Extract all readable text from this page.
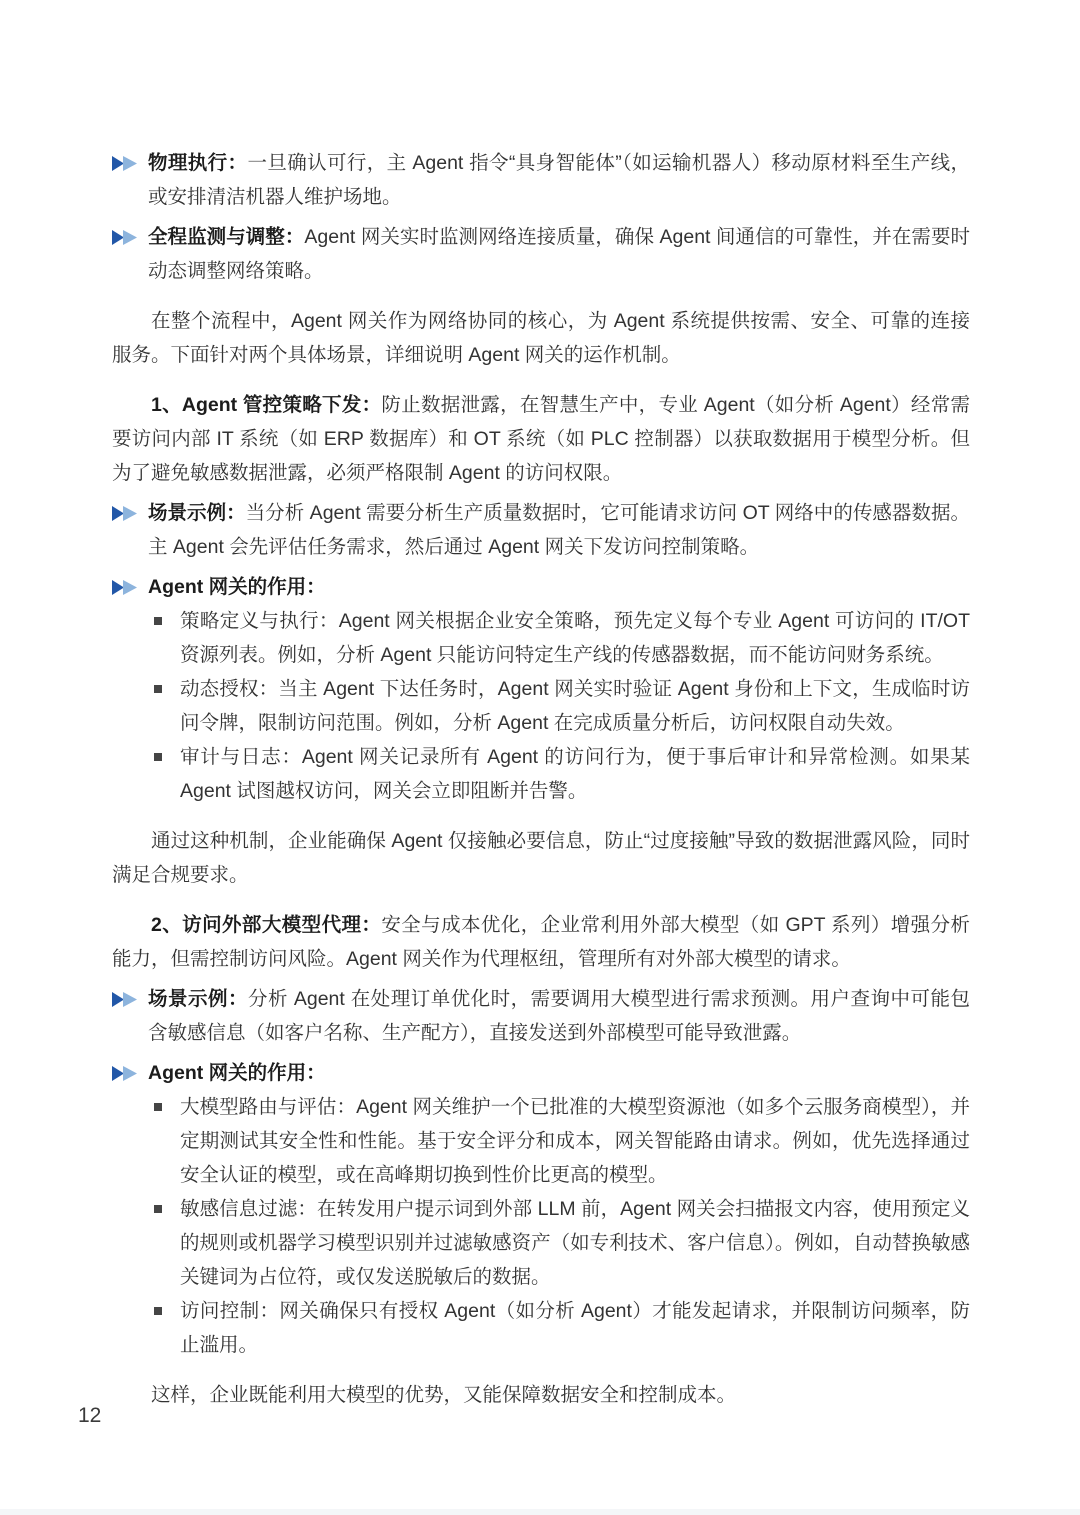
物理执行：一旦确认可行，主 Agent 指令“具身智能体”（如运输机器人）移动原材料至生产线，或安排清洁机器人维护场地。
全程监测与调整：Agent 网关实时监测网络连接质量，确保 Agent 间通信的可靠性，并在需要时动态调整网络策略。

在整个流程中，Agent 网关作为网络协同的核心，为 Agent 系统提供按需、安全、可靠的连接服务。下面针对两个具体场景，详细说明 Agent 网关的运作机制。

1、Agent 管控策略下发：防止数据泄露，在智慧生产中，专业 Agent（如分析 Agent）经常需要访问内部 IT 系统（如 ERP 数据库）和 OT 系统（如 PLC 控制器）以获取数据用于模型分析。但为了避免敏感数据泄露，必须严格限制 Agent 的访问权限。

场景示例：当分析 Agent 需要分析生产质量数据时，它可能请求访问 OT 网络中的传感器数据。主 Agent 会先评估任务需求，然后通过 Agent 网关下发访问控制策略。
Agent 网关的作用：
策略定义与执行：Agent 网关根据企业安全策略，预先定义每个专业 Agent 可访问的 IT/OT 资源列表。例如，分析 Agent 只能访问特定生产线的传感器数据，而不能访问财务系统。
动态授权：当主 Agent 下达任务时，Agent 网关实时验证 Agent 身份和上下文，生成临时访问令牌，限制访问范围。例如，分析 Agent 在完成质量分析后，访问权限自动失效。
审计与日志：Agent 网关记录所有 Agent 的访问行为，便于事后审计和异常检测。如果某 Agent 试图越权访问，网关会立即阻断并告警。

通过这种机制，企业能确保 Agent 仅接触必要信息，防止“过度接触”导致的数据泄露风险，同时满足合规要求。

2、访问外部大模型代理：安全与成本优化，企业常利用外部大模型（如 GPT 系列）增强分析能力，但需控制访问风险。Agent 网关作为代理枢纽，管理所有对外部大模型的请求。

场景示例：分析 Agent 在处理订单优化时，需要调用大模型进行需求预测。用户查询中可能包含敏感信息（如客户名称、生产配方），直接发送到外部模型可能导致泄露。
Agent 网关的作用：
大模型路由与评估：Agent 网关维护一个已批准的大模型资源池（如多个云服务商模型），并定期测试其安全性和性能。基于安全评分和成本，网关智能路由请求。例如，优先选择通过安全认证的模型，或在高峰期切换到性价比更高的模型。
敏感信息过滤：在转发用户提示词到外部 LLM 前，Agent 网关会扫描报文内容，使用预定义的规则或机器学习模型识别并过滤敏感资产（如专利技术、客户信息）。例如，自动替换敏感关键词为占位符，或仅发送脱敏后的数据。
访问控制：网关确保只有授权 Agent（如分析 Agent）才能发起请求，并限制访问频率，防止滥用。

这样，企业既能利用大模型的优势，又能保障数据安全和控制成本。

12
